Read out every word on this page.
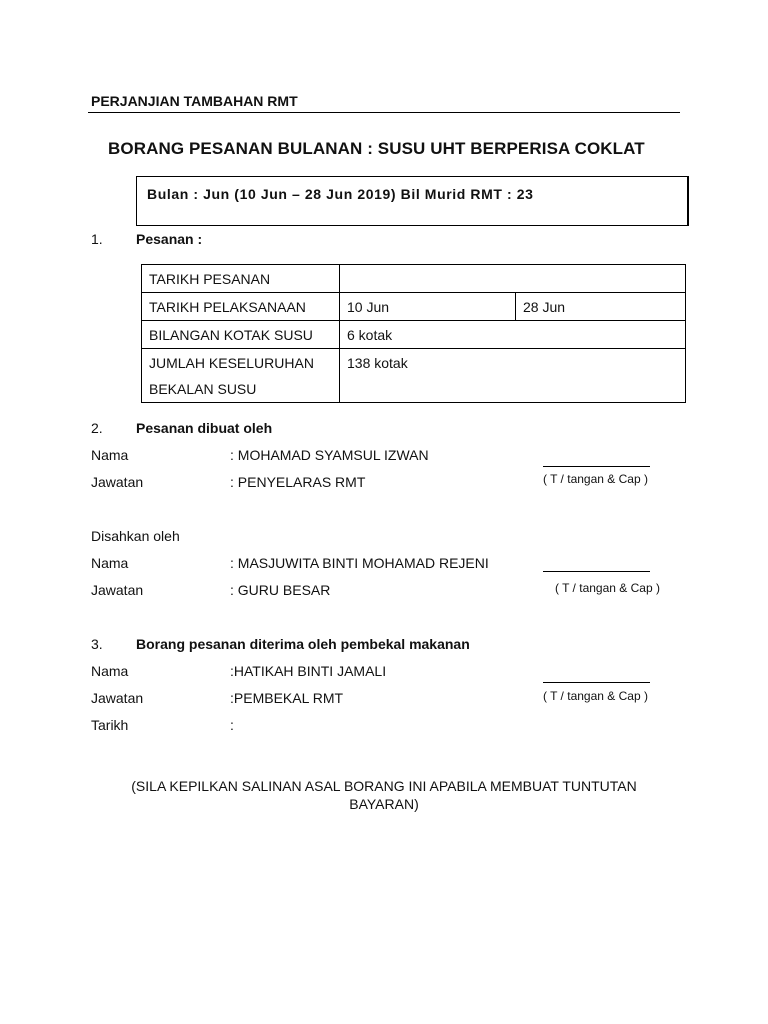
PERJANJIAN TAMBAHAN RMT
BORANG PESANAN BULANAN : SUSU UHT BERPERISA COKLAT
Bulan : Jun (10 Jun – 28 Jun 2019) Bil Murid RMT : 23
1. Pesanan :
TARIKH PESANAN		
TARIKH PELAKSANAAN	10 Jun	28 Jun
BILANGAN KOTAK SUSU	6 kotak	

JUMLAH KESELURUHAN
BEKALAN SUSU	138 kotak	
2. Pesanan dibuat oleh
Nama	: MOHAMAD SYAMSUL IZWAN
Jawatan	: PENYELARAS RMT	( T / tangan & Cap )
Disahkan oleh
Nama	: MASJUWITA BINTI MOHAMAD REJENI
Jawatan	: GURU BESAR	( T / tangan & Cap )
3. Borang pesanan diterima oleh pembekal makanan
Nama	:HATIKAH BINTI JAMALI
Jawatan	:PEMBEKAL RMT
Tarikh	:
( T / tangan & Cap )
(SILA KEPILKAN SALINAN ASAL BORANG INI APABILA MEMBUAT TUNTUTAN BAYARAN)
